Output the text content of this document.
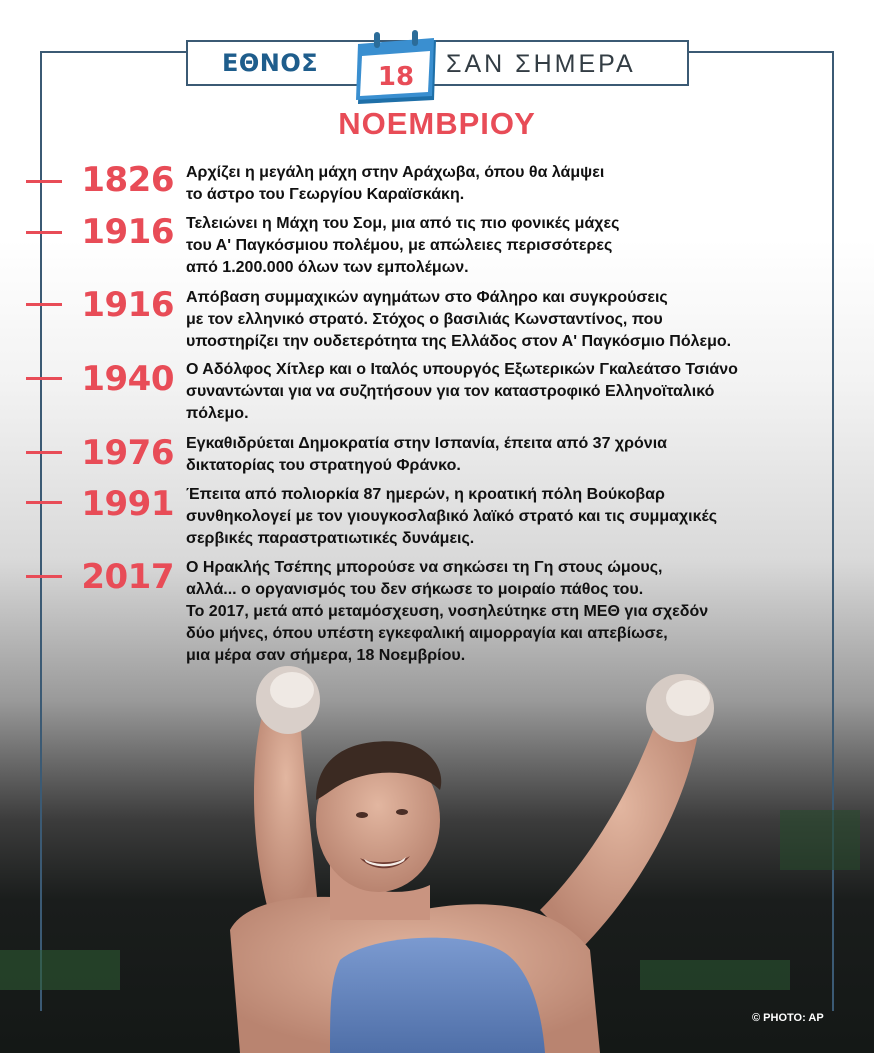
ΕΘΝΟΣ	ΣΑΝ ΣΗΜΕΡΑ
18
ΝΟΕΜΒΡΙΟΥ
1826 Αρχίζει η μεγάλη μάχη στην Αράχωβα, όπου θα λάμψει
το άστρο του Γεωργίου Καραϊσκάκη.
1916 Τελειώνει η Μάχη του Σομ, μια από τις πιο φονικές μάχες
του Α' Παγκόσμιου πολέμου, με απώλειες περισσότερες
από 1.200.000 όλων των εμπολέμων.
1916 Απόβαση συμμαχικών αγημάτων στο Φάληρο και συγκρούσεις
με τον ελληνικό στρατό. Στόχος ο βασιλιάς Κωνσταντίνος, που
υποστηρίζει την ουδετερότητα της Ελλάδος στον Α' Παγκόσμιο Πόλεμο.
1940 Ο Αδόλφος Χίτλερ και ο Ιταλός υπουργός Εξωτερικών Γκαλεάτσο Τσιάνο
συναντώνται για να συζητήσουν για τον καταστροφικό Ελληνοϊταλικό
πόλεμο.
1976 Εγκαθιδρύεται Δημοκρατία στην Ισπανία, έπειτα από 37 χρόνια
δικτατορίας του στρατηγού Φράνκο.
1991 Έπειτα από πολιορκία 87 ημερών, η κροατική πόλη Βούκοβαρ
συνθηκολογεί με τον γιουγκοσλαβικό λαϊκό στρατό και τις συμμαχικές
σερβικές παραστρατιωτικές δυνάμεις.
2017 Ο Ηρακλής Τσέπης μπορούσε να σηκώσει τη Γη στους ώμους,
αλλά... ο οργανισμός του δεν σήκωσε το μοιραίο πάθος του.
Το 2017, μετά από μεταμόσχευση, νοσηλεύτηκε στη ΜΕΘ για σχεδόν
δύο μήνες, όπου υπέστη εγκεφαλική αιμορραγία και απεβίωσε,
μια μέρα σαν σήμερα, 18 Νοεμβρίου.
© PHOTO: AP
